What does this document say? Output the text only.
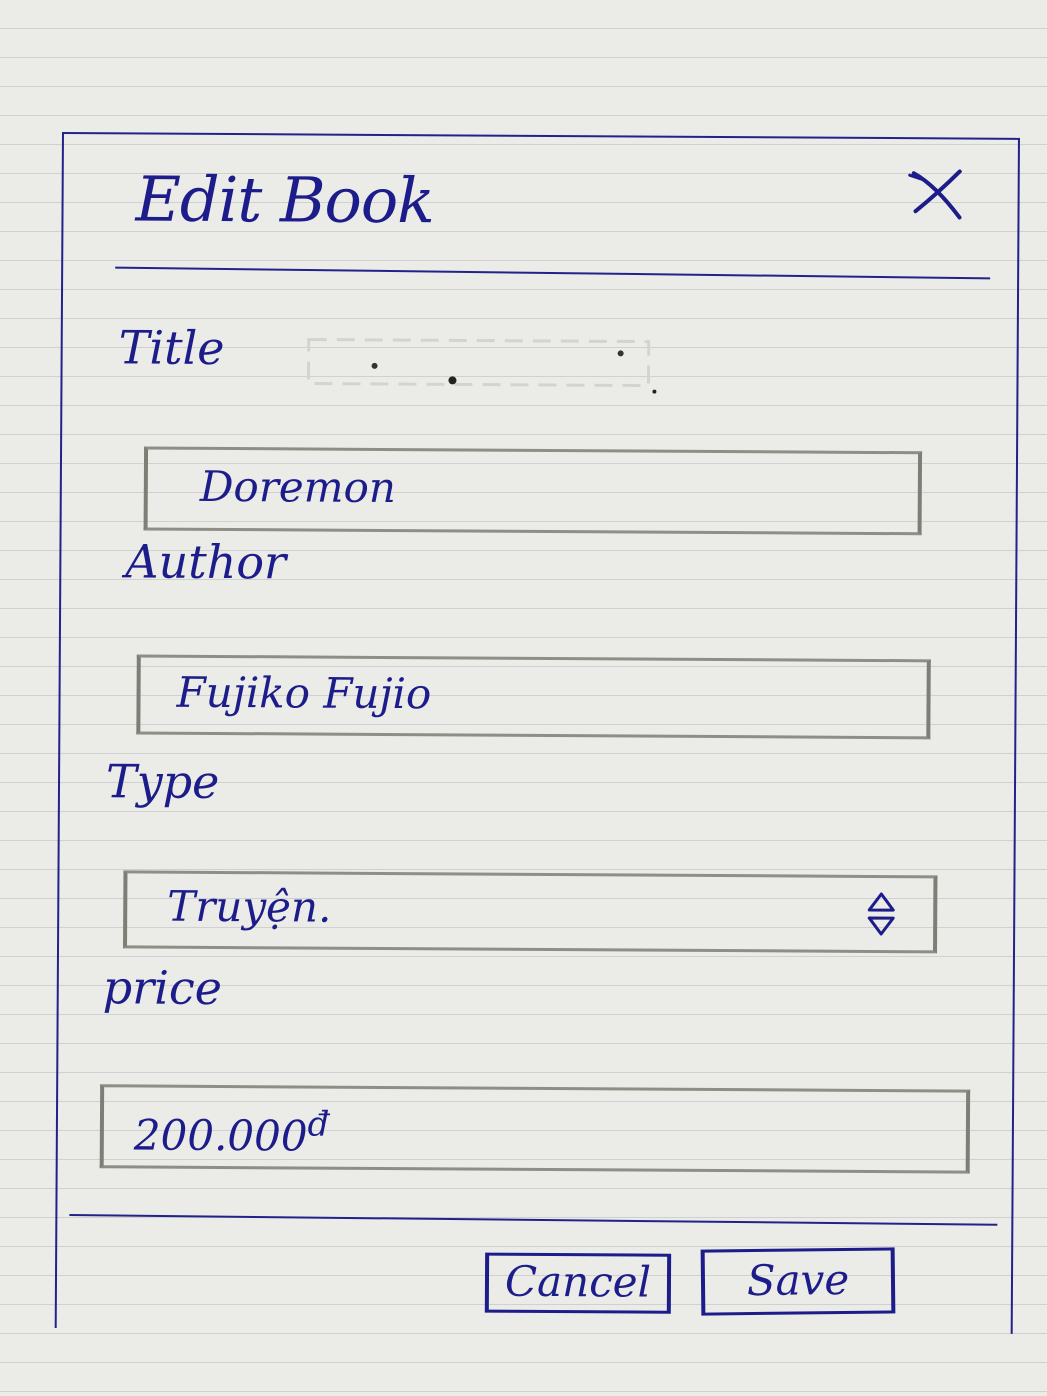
Edit Book
Title
Doremon
Author
Fujiko Fujio
Type
Truyện.
price
$200.000^đ$
Cancel	Save
